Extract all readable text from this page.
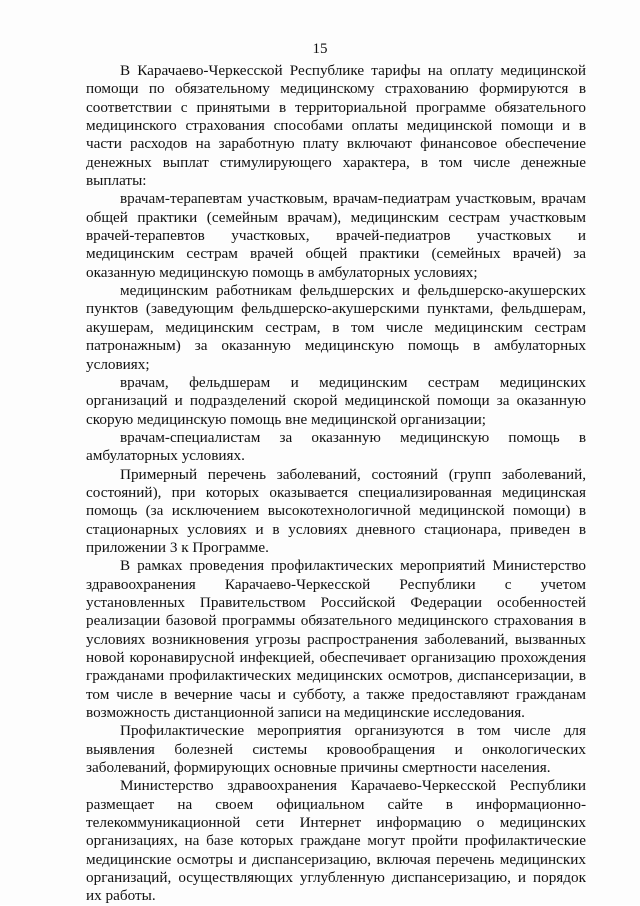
15

В Карачаево-Черкесской Республике тарифы на оплату медицинской помощи по обязательному медицинскому страхованию формируются в соответствии с принятыми в территориальной программе обязательного медицинского страхования способами оплаты медицинской помощи и в части расходов на заработную плату включают финансовое обеспечение денежных выплат стимулирующего характера, в том числе денежные выплаты:

врачам-терапевтам участковым, врачам-педиатрам участковым, врачам общей практики (семейным врачам), медицинским сестрам участковым врачей-терапевтов участковых, врачей-педиатров участковых и медицинским сестрам врачей общей практики (семейных врачей) за оказанную медицинскую помощь в амбулаторных условиях;

медицинским работникам фельдшерских и фельдшерско-акушерских пунктов (заведующим фельдшерско-акушерскими пунктами, фельдшерам, акушерам, медицинским сестрам, в том числе медицинским сестрам патронажным) за оказанную медицинскую помощь в амбулаторных условиях;

врачам, фельдшерам и медицинским сестрам медицинских организаций и подразделений скорой медицинской помощи за оказанную скорую медицинскую помощь вне медицинской организации;

врачам-специалистам за оказанную медицинскую помощь в амбулаторных условиях.

Примерный перечень заболеваний, состояний (групп заболеваний, состояний), при которых оказывается специализированная медицинская помощь (за исключением высокотехнологичной медицинской помощи) в стационарных условиях и в условиях дневного стационара, приведен в приложении 3 к Программе.

В рамках проведения профилактических мероприятий Министерство здравоохранения Карачаево-Черкесской Республики с учетом установленных Правительством Российской Федерации особенностей реализации базовой программы обязательного медицинского страхования в условиях возникновения угрозы распространения заболеваний, вызванных новой коронавирусной инфекцией, обеспечивает организацию прохождения гражданами профилактических медицинских осмотров, диспансеризации, в том числе в вечерние часы и субботу, а также предоставляют гражданам возможность дистанционной записи на медицинские исследования.

Профилактические мероприятия организуются в том числе для выявления болезней системы кровообращения и онкологических заболеваний, формирующих основные причины смертности населения.

Министерство здравоохранения Карачаево-Черкесской Республики размещает на своем официальном сайте в информационно-телекоммуникационной сети Интернет информацию о медицинских организациях, на базе которых граждане могут пройти профилактические медицинские осмотры и диспансеризацию, включая перечень медицинских организаций, осуществляющих углубленную диспансеризацию, и порядок их работы.
